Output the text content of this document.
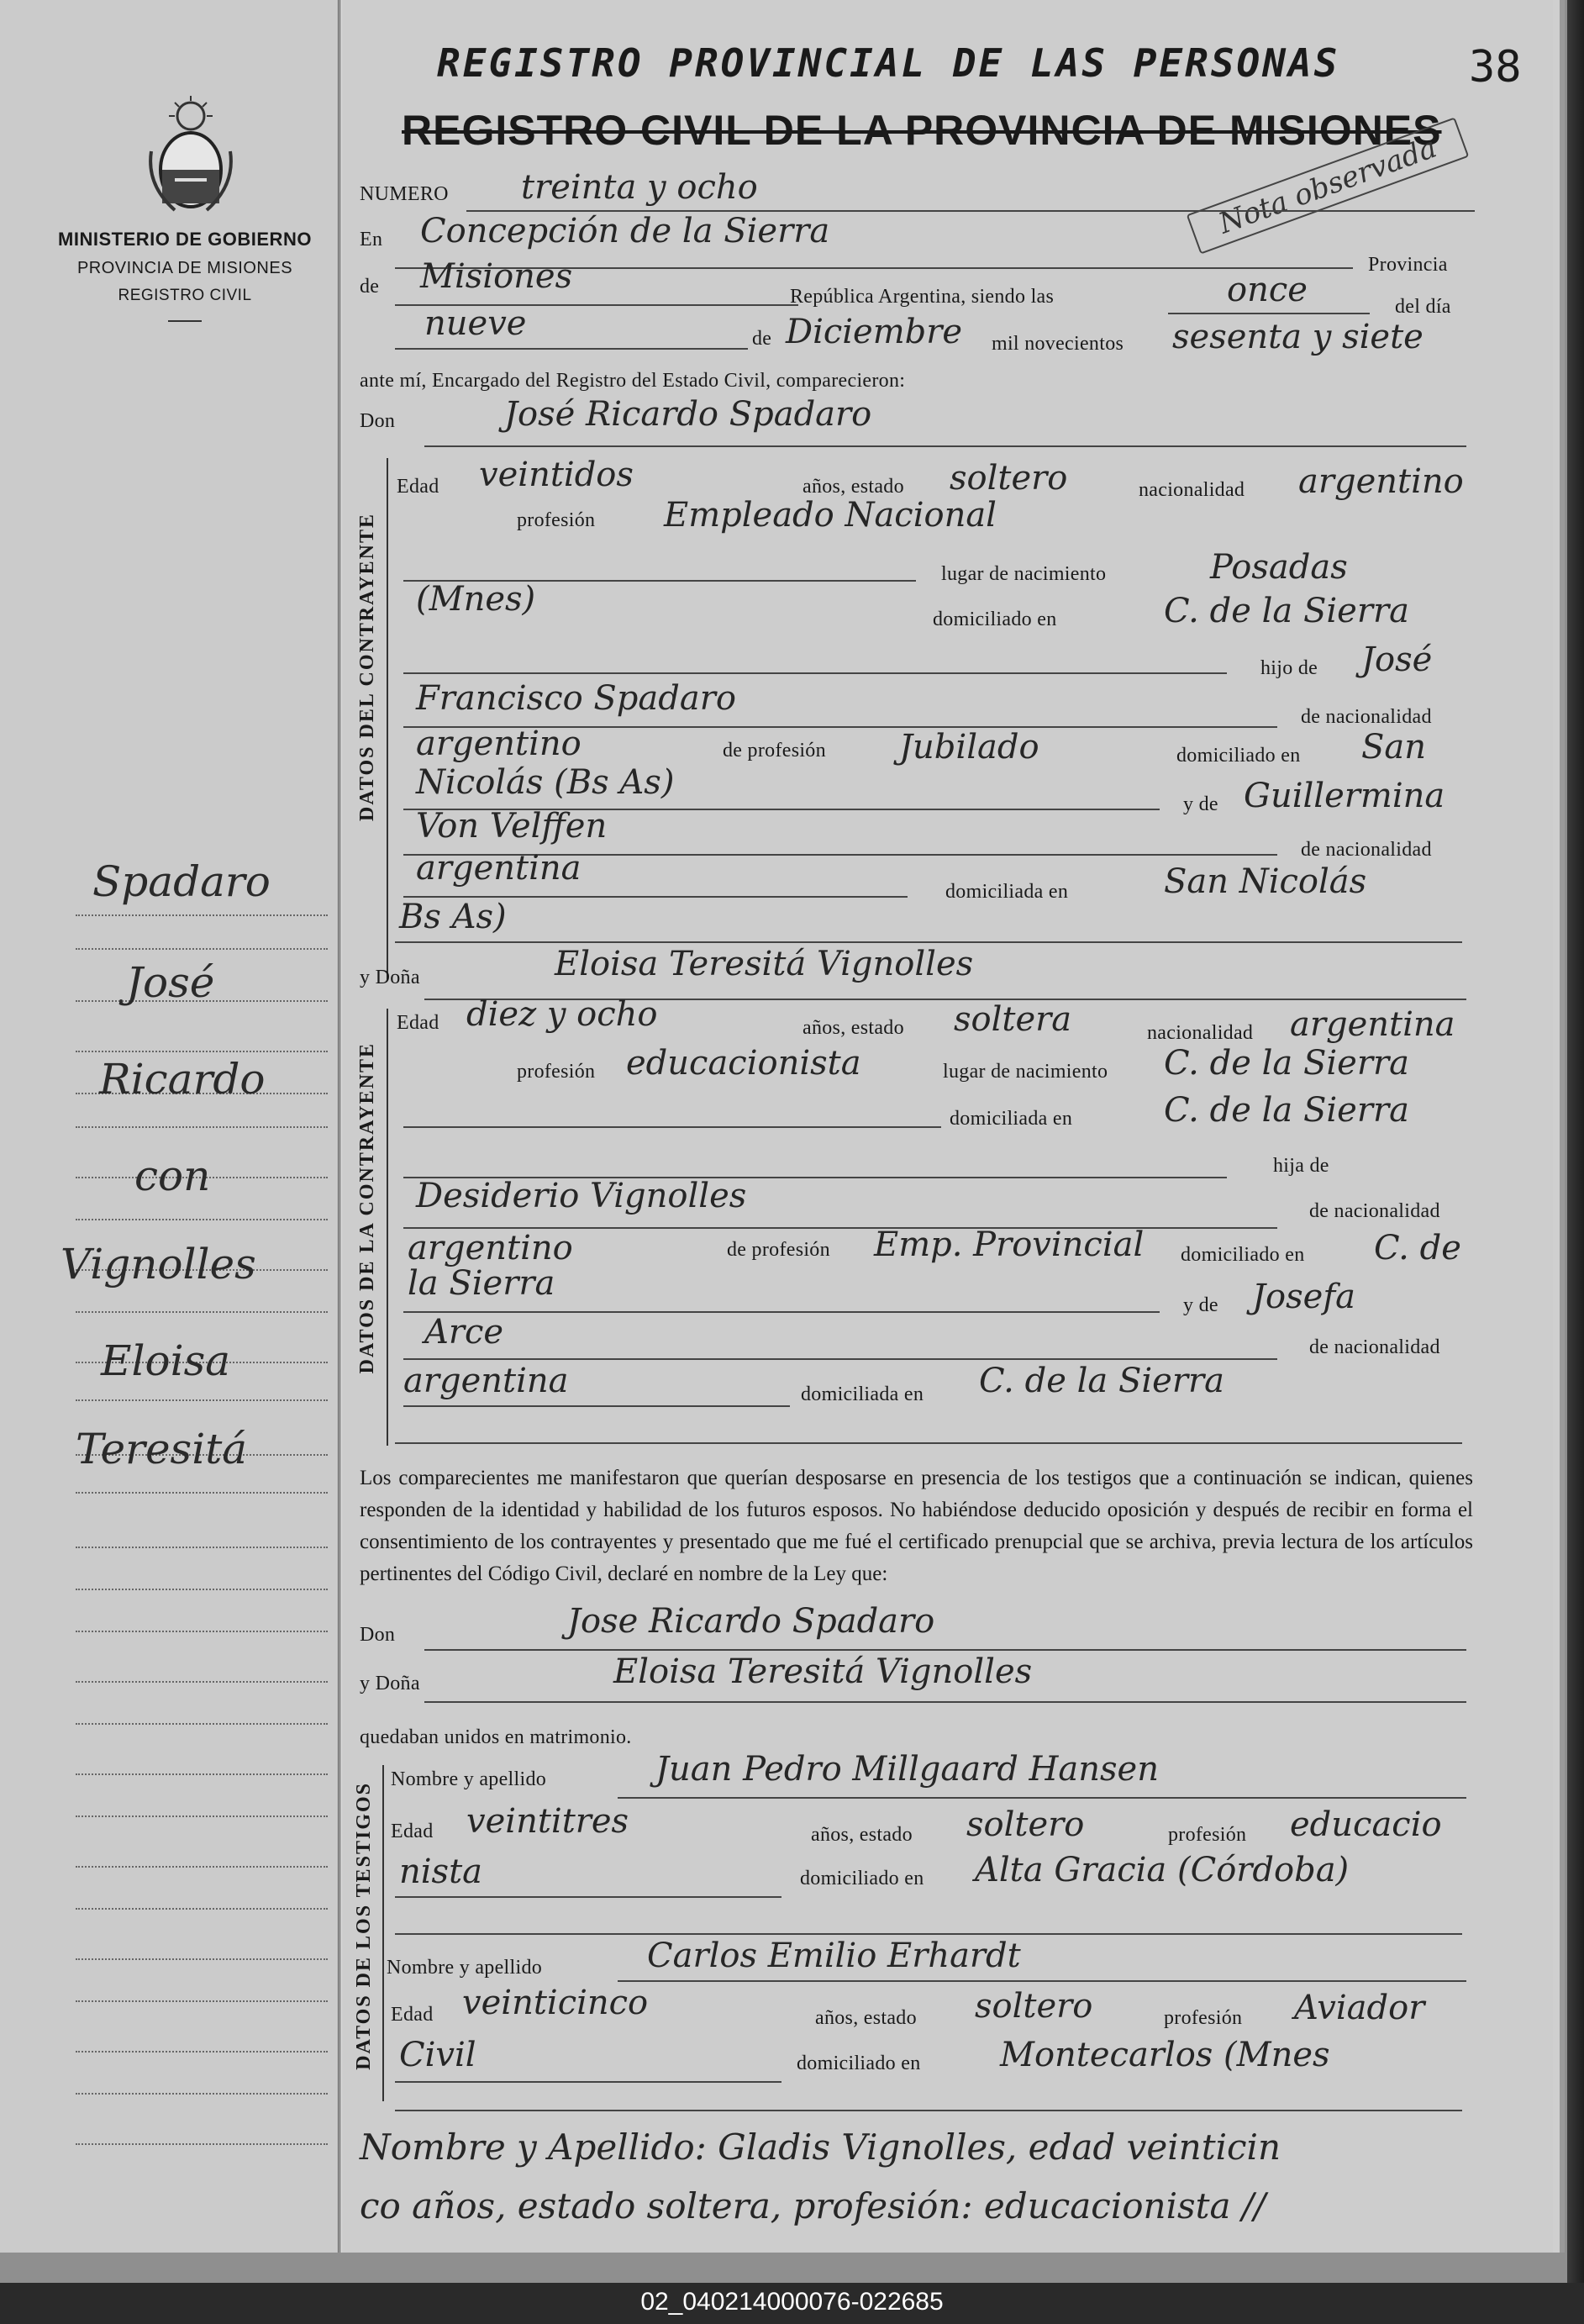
MINISTERIO DE GOBIERNO
PROVINCIA DE MISIONES
REGISTRO CIVIL
Spadaro
José
Ricardo
con
Vignolles
Eloisa
Teresitá
REGISTRO PROVINCIAL DE LAS PERSONAS
REGISTRO CIVIL DE LA PROVINCIA DE MISIONES
38
Nota observada
NUMERO treinta y ocho
En Concepción de la Sierra
Provincia
de Misiones
República Argentina, siendo las	once	del día
nueve	de Diciembre mil novecientos sesenta y siete
ante mí, Encargado del Registro del Estado Civil, comparecieron:
Don	José Ricardo Spadaro
DATOS DEL CONTRAYENTE
Edad veintidos	años, estado soltero	nacionalidad argentino
profesión Empleado Nacional
lugar de nacimiento	Posadas
(Mnes)
domiciliado en	C. de la Sierra
hijo de José
Francisco Spadaro	de nacionalidad
argentino	de profesión Jubilado	domiciliado en San
Nicolás (Bs As)
y de Guillermina
Von Velffen
de nacionalidad
argentina
domiciliada en	San Nicolás
Bs As)
y Doña	Eloisa Teresitá Vignolles
DATOS DE LA CONTRAYENTE
Edad diez y ocho	años, estado soltera	nacionalidad argentina
profesión educacionista	lugar de nacimiento C. de la Sierra
domiciliada en	C. de la Sierra
hija de
Desiderio Vignolles	de nacionalidad
argentino	de profesión Emp. Provincial domiciliado en C. de
la Sierra
y de Josefa
Arce	de nacionalidad
argentina	domiciliada en C. de la Sierra
Los comparecientes me manifestaron que querían desposarse en presencia de los testigos que a continuación se indican, quienes responden de la identidad y habilidad de los futuros esposos. No habiéndose deducido oposición y después de recibir en forma el consentimiento de los contrayentes y presentado que me fué el certificado prenupcial que se archiva, previa lectura de los artículos pertinentes del Código Civil, declaré en nombre de la Ley que:
Don	Jose Ricardo Spadaro
y Doña	Eloisa Teresitá Vignolles
quedaban unidos en matrimonio.
DATOS DE LOS TESTIGOS
Nombre y apellido	Juan Pedro Millgaard Hansen
Edad veintitres	años, estado soltero	profesión educacio
nista	domiciliado en Alta Gracia (Córdoba)
Nombre y apellido	Carlos Emilio Erhardt
Edad veinticinco	años, estado soltero	profesión Aviador
Civil	domiciliado en Montecarlos (Mnes
Nombre y Apellido: Gladis Vignolles, edad veinticin
co años, estado soltera, profesión: educacionista //
02_040214000076-022685
